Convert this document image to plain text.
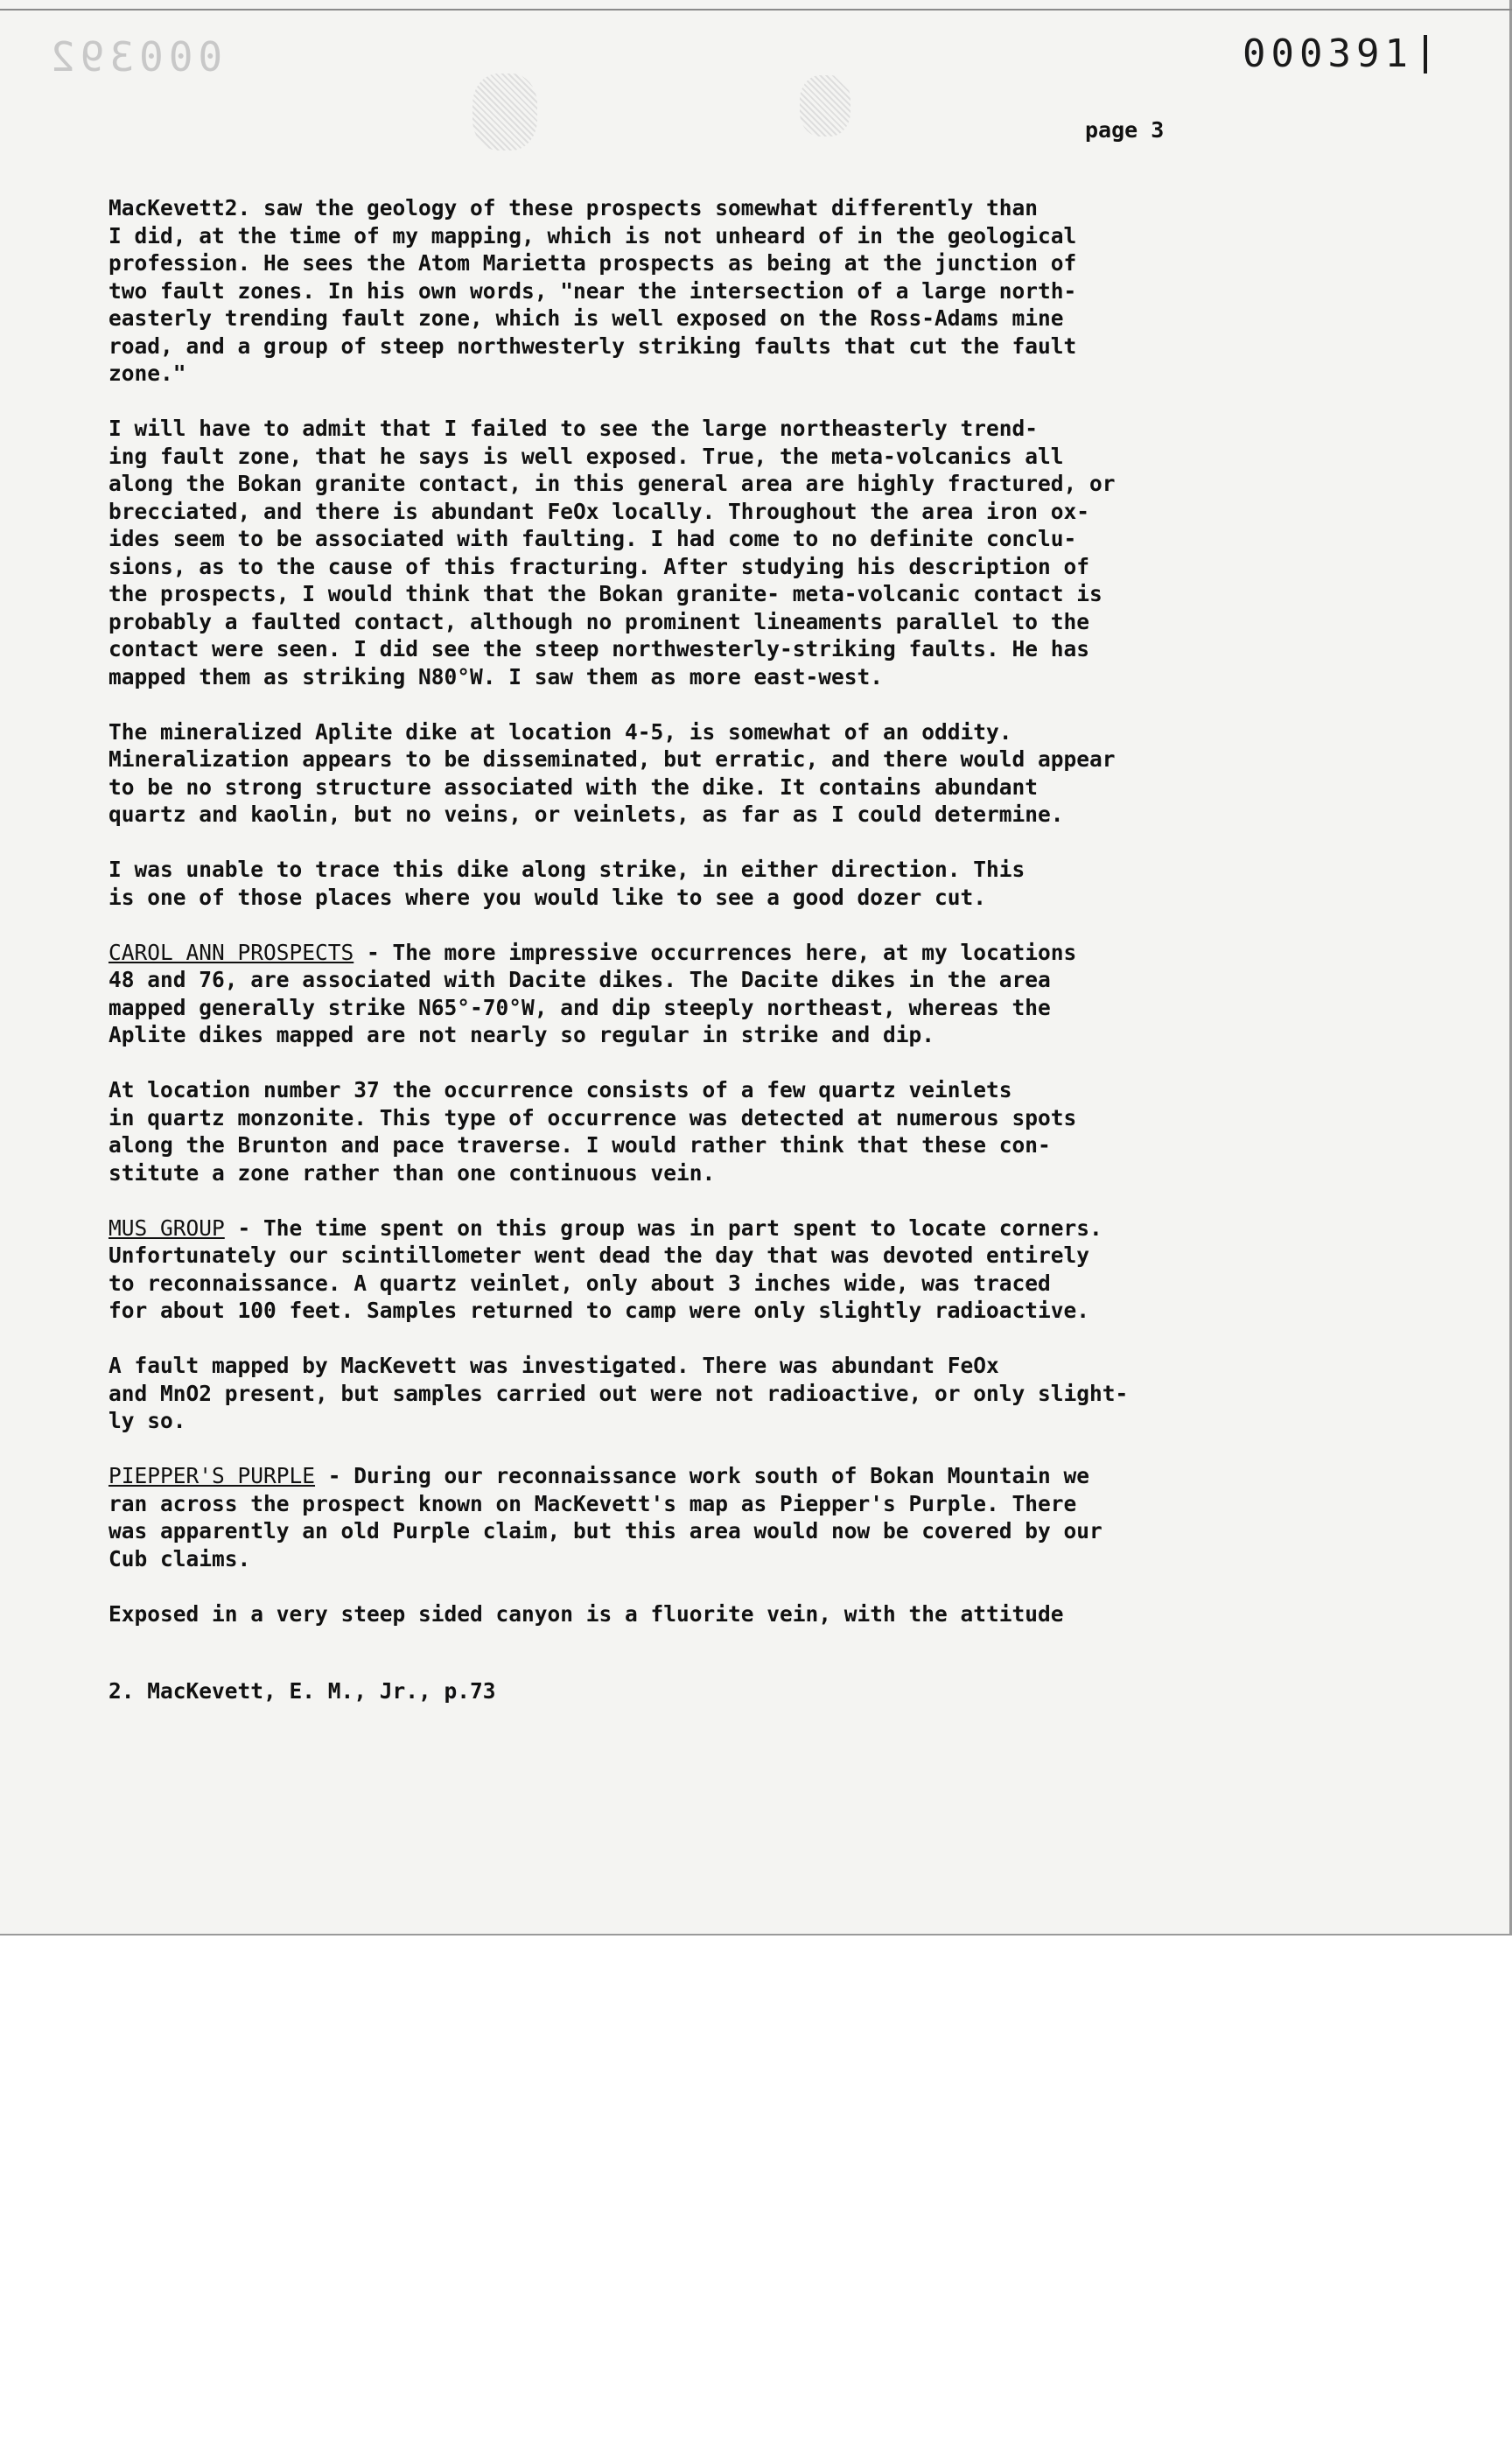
000392	000391
page 3

MacKevett2. saw the geology of these prospects somewhat differently than
I did, at the time of my mapping, which is not unheard of in the geological
profession. He sees the Atom Marietta prospects as being at the junction of
two fault zones. In his own words, "near the intersection of a large north-
easterly trending fault zone, which is well exposed on the Ross-Adams mine
road, and a group of steep northwesterly striking faults that cut the fault
zone."

I will have to admit that I failed to see the large northeasterly trend-
ing fault zone, that he says is well exposed. True, the meta-volcanics all
along the Bokan granite contact, in this general area are highly fractured, or
brecciated, and there is abundant FeOx locally. Throughout the area iron ox-
ides seem to be associated with faulting. I had come to no definite conclu-
sions, as to the cause of this fracturing. After studying his description of
the prospects, I would think that the Bokan granite- meta-volcanic contact is
probably a faulted contact, although no prominent lineaments parallel to the
contact were seen. I did see the steep northwesterly-striking faults. He has
mapped them as striking N80°W. I saw them as more east-west.

The mineralized Aplite dike at location 4-5, is somewhat of an oddity.
Mineralization appears to be disseminated, but erratic, and there would appear
to be no strong structure associated with the dike. It contains abundant
quartz and kaolin, but no veins, or veinlets, as far as I could determine.

I was unable to trace this dike along strike, in either direction. This
is one of those places where you would like to see a good dozer cut.

CAROL ANN PROSPECTS - The more impressive occurrences here, at my locations
48 and 76, are associated with Dacite dikes. The Dacite dikes in the area
mapped generally strike N65°-70°W, and dip steeply northeast, whereas the
Aplite dikes mapped are not nearly so regular in strike and dip.

At location number 37 the occurrence consists of a few quartz veinlets
in quartz monzonite. This type of occurrence was detected at numerous spots
along the Brunton and pace traverse. I would rather think that these con-
stitute a zone rather than one continuous vein.

MUS GROUP - The time spent on this group was in part spent to locate corners.
Unfortunately our scintillometer went dead the day that was devoted entirely
to reconnaissance. A quartz veinlet, only about 3 inches wide, was traced
for about 100 feet. Samples returned to camp were only slightly radioactive.

A fault mapped by MacKevett was investigated. There was abundant FeOx
and MnO2 present, but samples carried out were not radioactive, or only slight-
ly so.

PIEPPER'S PURPLE - During our reconnaissance work south of Bokan Mountain we
ran across the prospect known on MacKevett's map as Piepper's Purple. There
was apparently an old Purple claim, but this area would now be covered by our
Cub claims.

Exposed in a very steep sided canyon is a fluorite vein, with the attitude

2. MacKevett, E. M., Jr., p.73
